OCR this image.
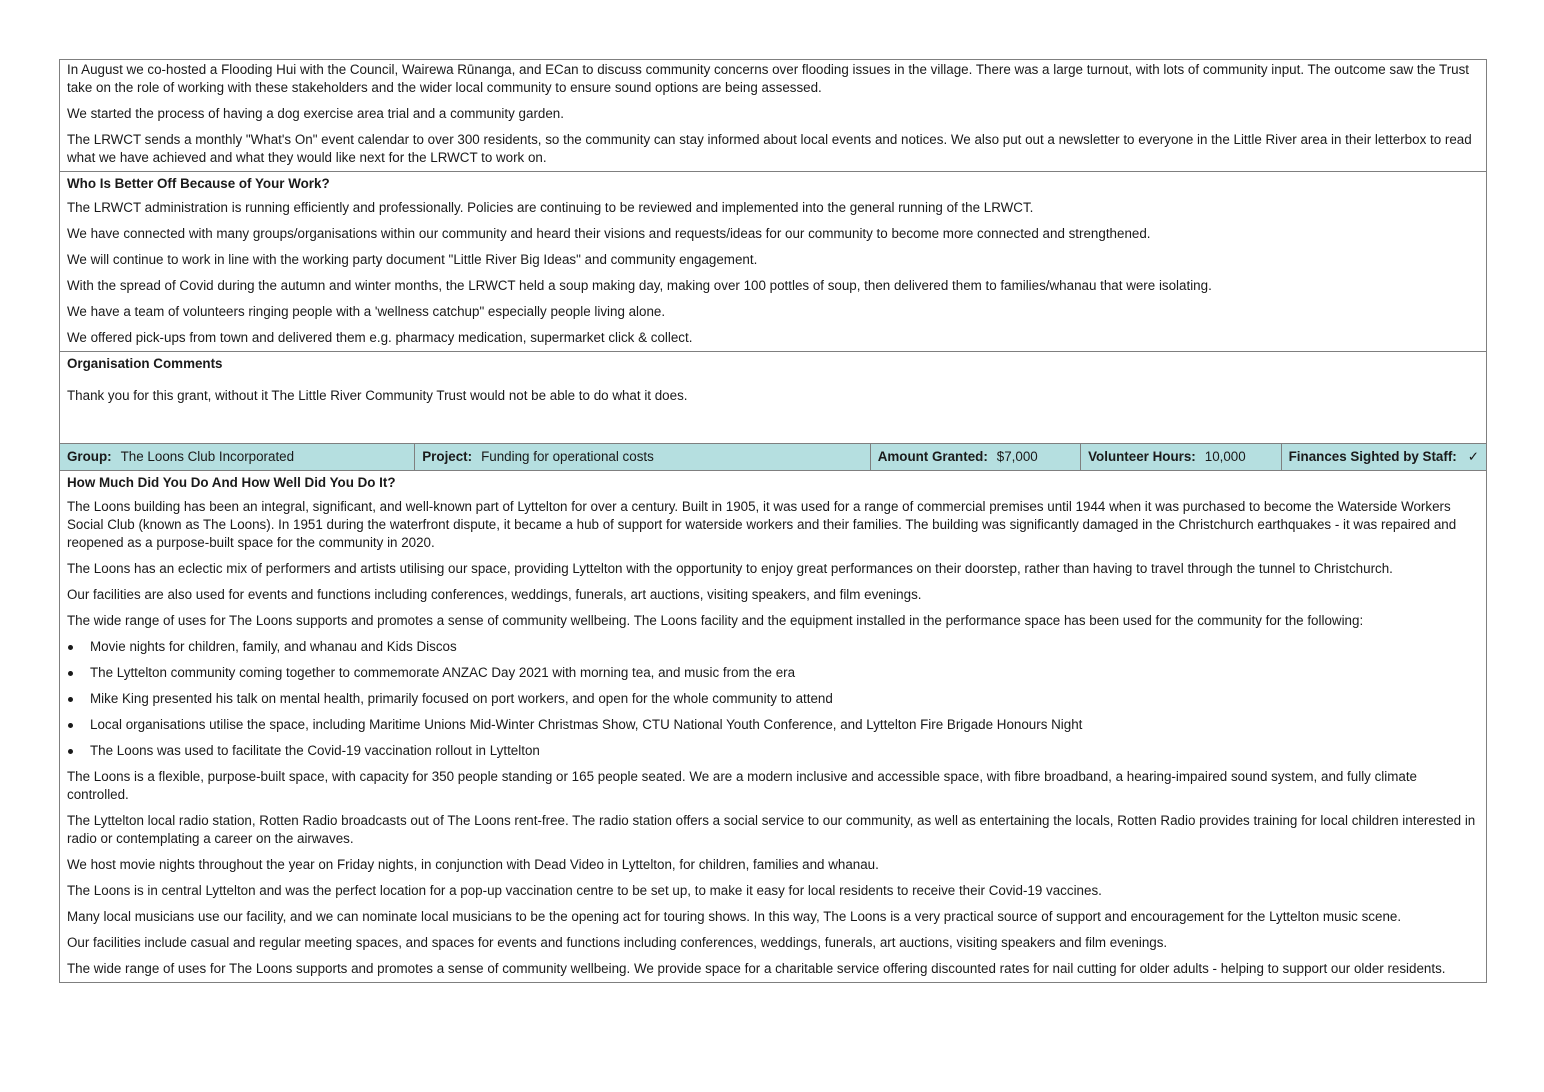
In August we co-hosted a Flooding Hui with the Council, Wairewa Rūnanga, and ECan to discuss community concerns over flooding issues in the village. There was a large turnout, with lots of community input. The outcome saw the Trust take on the role of working with these stakeholders and the wider local community to ensure sound options are being assessed.

We started the process of having a dog exercise area trial and a community garden.

The LRWCT sends a monthly "What's On" event calendar to over 300 residents, so the community can stay informed about local events and notices. We also put out a newsletter to everyone in the Little River area in their letterbox to read what we have achieved and what they would like next for the LRWCT to work on.

Who Is Better Off Because of Your Work?

The LRWCT administration is running efficiently and professionally. Policies are continuing to be reviewed and implemented into the general running of the LRWCT.

We have connected with many groups/organisations within our community and heard their visions and requests/ideas for our community to become more connected and strengthened.

We will continue to work in line with the working party document "Little River Big Ideas" and community engagement.

With the spread of Covid during the autumn and winter months, the LRWCT held a soup making day, making over 100 pottles of soup, then delivered them to families/whanau that were isolating.

We have a team of volunteers ringing people with a 'wellness catchup" especially people living alone.

We offered pick-ups from town and delivered them e.g. pharmacy medication, supermarket click & collect.

Organisation Comments

Thank you for this grant, without it The Little River Community Trust would not be able to do what it does.

Group: The Loons Club Incorporated	Project: Funding for operational costs	Amount Granted: $7,000	Volunteer Hours: 10,000	Finances Sighted by Staff: ✓
How Much Did You Do And How Well Did You Do It?

The Loons building has been an integral, significant, and well-known part of Lyttelton for over a century. Built in 1905, it was used for a range of commercial premises until 1944 when it was purchased to become the Waterside Workers Social Club (known as The Loons). In 1951 during the waterfront dispute, it became a hub of support for waterside workers and their families. The building was significantly damaged in the Christchurch earthquakes - it was repaired and reopened as a purpose-built space for the community in 2020.

The Loons has an eclectic mix of performers and artists utilising our space, providing Lyttelton with the opportunity to enjoy great performances on their doorstep, rather than having to travel through the tunnel to Christchurch.

Our facilities are also used for events and functions including conferences, weddings, funerals, art auctions, visiting speakers, and film evenings.

The wide range of uses for The Loons supports and promotes a sense of community wellbeing. The Loons facility and the equipment installed in the performance space has been used for the community for the following:

Movie nights for children, family, and whanau and Kids Discos
The Lyttelton community coming together to commemorate ANZAC Day 2021 with morning tea, and music from the era
Mike King presented his talk on mental health, primarily focused on port workers, and open for the whole community to attend
Local organisations utilise the space, including Maritime Unions Mid-Winter Christmas Show, CTU National Youth Conference, and Lyttelton Fire Brigade Honours Night
The Loons was used to facilitate the Covid-19 vaccination rollout in Lyttelton

The Loons is a flexible, purpose-built space, with capacity for 350 people standing or 165 people seated. We are a modern inclusive and accessible space, with fibre broadband, a hearing-impaired sound system, and fully climate controlled.

The Lyttelton local radio station, Rotten Radio broadcasts out of The Loons rent-free. The radio station offers a social service to our community, as well as entertaining the locals, Rotten Radio provides training for local children interested in radio or contemplating a career on the airwaves.

We host movie nights throughout the year on Friday nights, in conjunction with Dead Video in Lyttelton, for children, families and whanau.

The Loons is in central Lyttelton and was the perfect location for a pop-up vaccination centre to be set up, to make it easy for local residents to receive their Covid-19 vaccines.

Many local musicians use our facility, and we can nominate local musicians to be the opening act for touring shows. In this way, The Loons is a very practical source of support and encouragement for the Lyttelton music scene.

Our facilities include casual and regular meeting spaces, and spaces for events and functions including conferences, weddings, funerals, art auctions, visiting speakers and film evenings.

The wide range of uses for The Loons supports and promotes a sense of community wellbeing. We provide space for a charitable service offering discounted rates for nail cutting for older adults - helping to support our older residents.
